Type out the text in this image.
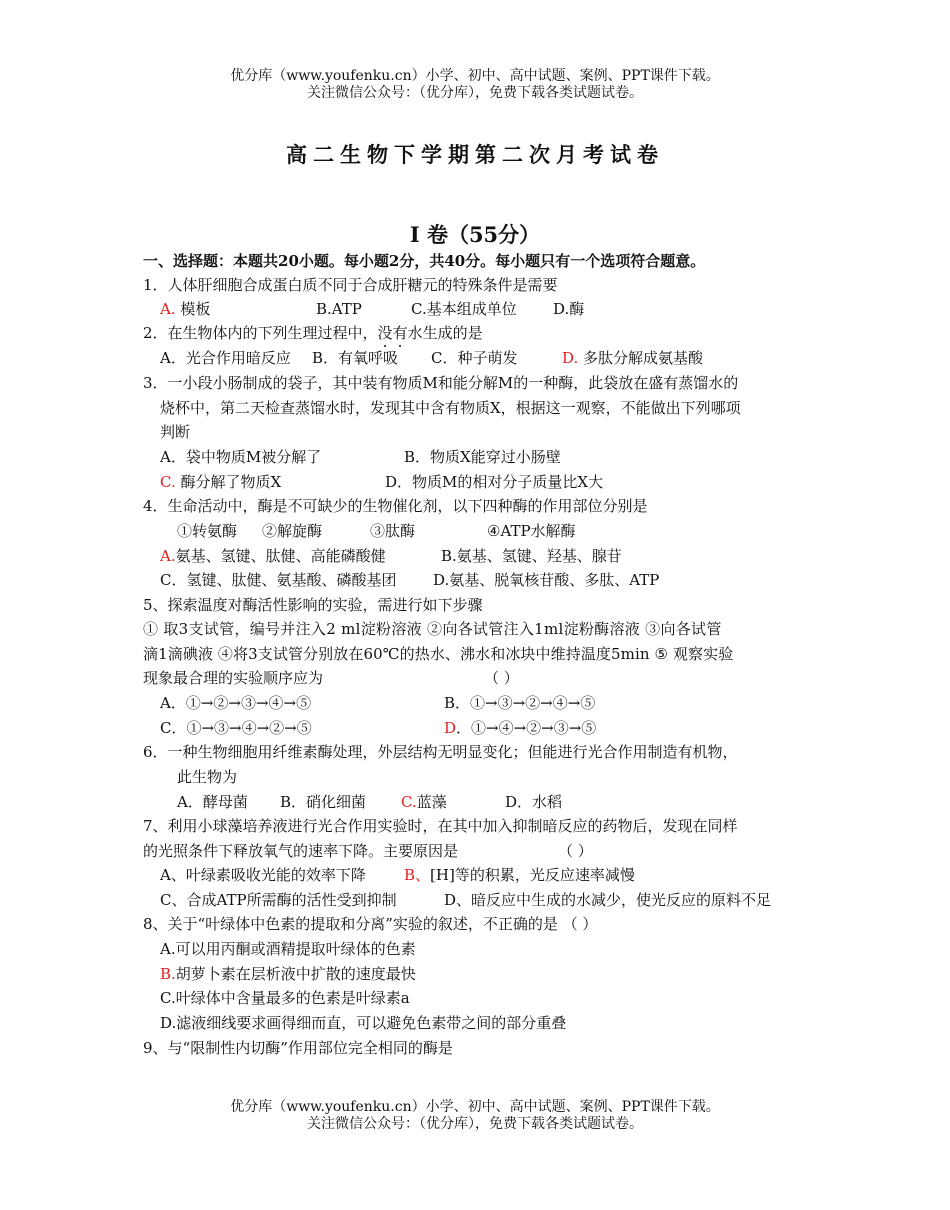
优分库（www.youfenku.cn）小学、初中、高中试题、案例、PPT课件下载。
关注微信公众号：（优分库），免费下载各类试题试卷。
高二生物下学期第二次月考试卷
Ⅰ 卷（55分）
一、选择题：本题共20小题。每小题2分，共40分。每小题只有一个选项符合题意。
1．人体肝细胞合成蛋白质不同于合成肝糖元的特殊条件是需要
A. 模板	B.ATP	C.基本组成单位 D.酶
2．在生物体内的下列生理过程中，没有水生成的是
A．光合作用暗反应 B．有氧呼吸 C．种子萌发	D. 多肽分解成氨基酸
3．一小段小肠制成的袋子，其中装有物质M和能分解M的一种酶，此袋放在盛有蒸馏水的
烧杯中，第二天检查蒸馏水时，发现其中含有物质X，根据这一观察，不能做出下列哪项
判断
A．袋中物质M被分解了	B．物质X能穿过小肠壁
C. 酶分解了物质X	D．物质M的相对分子质量比X大
4．生命活动中，酶是不可缺少的生物催化剂，以下四种酶的作用部位分别是
①转氨酶 ②解旋酶	③肽酶	④ATP水解酶
A.氨基、氢键、肽健、高能磷酸健	B.氨基、氢键、羟基、腺苷
C．氢键、肽健、氨基酸、磷酸基团 D.氨基、脱氧核苷酸、多肽、ATP
5、探索温度对酶活性影响的实验，需进行如下步骤
① 取3支试管，编号并注入2 ml淀粉溶液 ②向各试管注入1ml淀粉酶溶液 ③向各试管
滴1滴碘液 ④将3支试管分别放在60℃的热水、沸水和冰块中维持温度5min ⑤ 观察实验
现象最合理的实验顺序应为	（ ）
A．①→②→③→④→⑤	B．①→③→②→④→⑤
C．①→③→④→②→⑤	D．①→④→②→③→⑤
6．一种生物细胞用纤维素酶处理，外层结构无明显变化；但能进行光合作用制造有机物，
此生物为
A．酵母菌 B．硝化细菌 C.蓝藻	D．水稻
7、利用小球藻培养液进行光合作用实验时，在其中加入抑制暗反应的药物后，发现在同样
的光照条件下释放氧气的速率下降。主要原因是	（ ）
A、叶绿素吸收光能的效率下降	B、[H]等的积累，光反应速率减慢
C、合成ATP所需酶的活性受到抑制	D、暗反应中生成的水减少，使光反应的原料不足
8、关于“叶绿体中色素的提取和分离”实验的叙述，不正确的是 （ ）
A.可以用丙酮或酒精提取叶绿体的色素
B.胡萝卜素在层析液中扩散的速度最快
C.叶绿体中含量最多的色素是叶绿素a
D.滤液细线要求画得细而直，可以避免色素带之间的部分重叠
9、与“限制性内切酶”作用部位完全相同的酶是
优分库（www.youfenku.cn）小学、初中、高中试题、案例、PPT课件下载。
关注微信公众号：（优分库），免费下载各类试题试卷。
